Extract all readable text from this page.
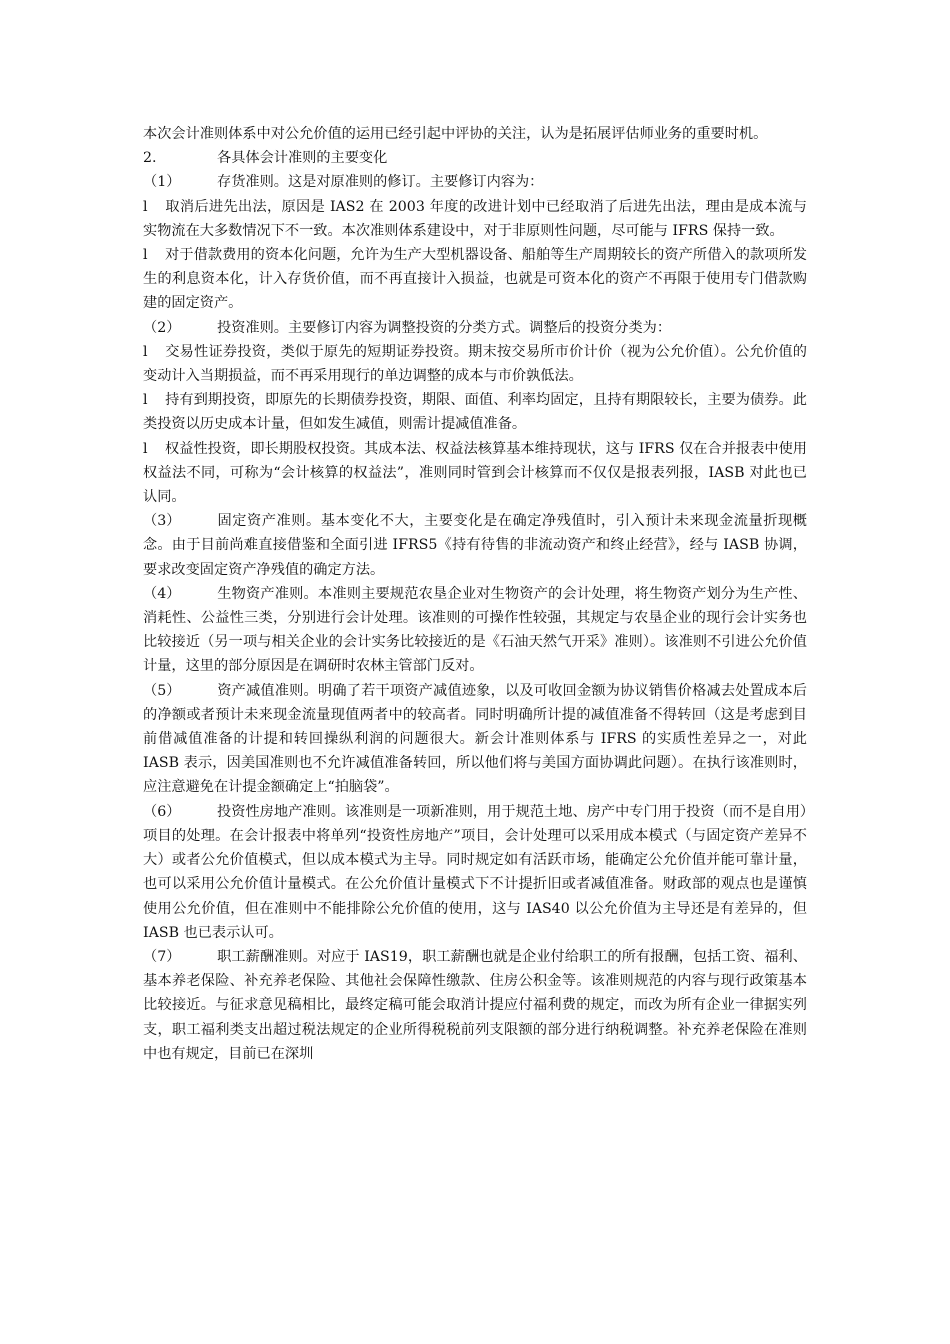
本次会计准则体系中对公允价值的运用已经引起中评协的关注，认为是拓展评估师业务的重要时机。

2.	各具体会计准则的主要变化

（1）	存货准则。这是对原准则的修订。主要修订内容为：

l 取消后进先出法，原因是 IAS2 在 2003 年度的改进计划中已经取消了后进先出法，理由是成本流与实物流在大多数情况下不一致。本次准则体系建设中，对于非原则性问题，尽可能与 IFRS 保持一致。

l 对于借款费用的资本化问题，允许为生产大型机器设备、船舶等生产周期较长的资产所借入的款项所发生的利息资本化，计入存货价值，而不再直接计入损益，也就是可资本化的资产不再限于使用专门借款购建的固定资产。

（2）	投资准则。主要修订内容为调整投资的分类方式。调整后的投资分类为：

l 交易性证券投资，类似于原先的短期证券投资。期末按交易所市价计价（视为公允价值）。公允价值的变动计入当期损益，而不再采用现行的单边调整的成本与市价孰低法。

l 持有到期投资，即原先的长期债券投资，期限、面值、利率均固定，且持有期限较长，主要为债券。此类投资以历史成本计量，但如发生减值，则需计提减值准备。

l 权益性投资，即长期股权投资。其成本法、权益法核算基本维持现状，这与 IFRS 仅在合并报表中使用权益法不同，可称为“会计核算的权益法”，准则同时管到会计核算而不仅仅是报表列报，IASB 对此也已认同。

（3）	固定资产准则。基本变化不大，主要变化是在确定净残值时，引入预计未来现金流量折现概念。由于目前尚难直接借鉴和全面引进 IFRS5《持有待售的非流动资产和终止经营》，经与 IASB 协调，要求改变固定资产净残值的确定方法。

（4）	生物资产准则。本准则主要规范农垦企业对生物资产的会计处理，将生物资产划分为生产性、消耗性、公益性三类，分别进行会计处理。该准则的可操作性较强，其规定与农垦企业的现行会计实务也比较接近（另一项与相关企业的会计实务比较接近的是《石油天然气开采》准则）。该准则不引进公允价值计量，这里的部分原因是在调研时农林主管部门反对。

（5）	资产减值准则。明确了若干项资产减值迹象，以及可收回金额为协议销售价格减去处置成本后的净额或者预计未来现金流量现值两者中的较高者。同时明确所计提的减值准备不得转回（这是考虑到目前借减值准备的计提和转回操纵利润的问题很大。新会计准则体系与 IFRS 的实质性差异之一，对此 IASB 表示，因美国准则也不允许减值准备转回，所以他们将与美国方面协调此问题）。在执行该准则时，应注意避免在计提金额确定上“拍脑袋”。

（6）	投资性房地产准则。该准则是一项新准则，用于规范土地、房产中专门用于投资（而不是自用）项目的处理。在会计报表中将单列“投资性房地产”项目，会计处理可以采用成本模式（与固定资产差异不大）或者公允价值模式，但以成本模式为主导。同时规定如有活跃市场，能确定公允价值并能可靠计量，也可以采用公允价值计量模式。在公允价值计量模式下不计提折旧或者减值准备。财政部的观点也是谨慎使用公允价值，但在准则中不能排除公允价值的使用，这与 IAS40 以公允价值为主导还是有差异的，但 IASB 也已表示认可。

（7）	职工薪酬准则。对应于 IAS19，职工薪酬也就是企业付给职工的所有报酬，包括工资、福利、基本养老保险、补充养老保险、其他社会保障性缴款、住房公积金等。该准则规范的内容与现行政策基本比较接近。与征求意见稿相比，最终定稿可能会取消计提应付福利费的规定，而改为所有企业一律据实列支，职工福利类支出超过税法规定的企业所得税税前列支限额的部分进行纳税调整。补充养老保险在准则中也有规定，目前已在深圳
